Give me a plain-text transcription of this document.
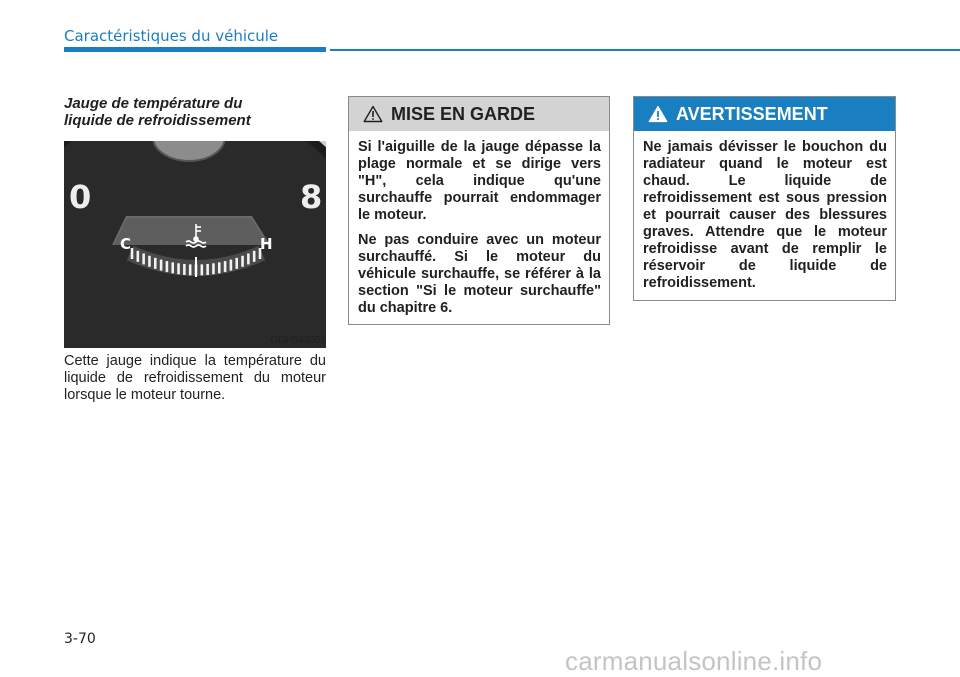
Caractéristiques du véhicule
Jauge de température du
liquide de refroidissement
0	8
C	H
ODH043056
Cette jauge indique la température du liquide de refroidissement du moteur lorsque le moteur tourne.
MISE EN GARDE

Si l'aiguille de la jauge dépasse la plage normale et se dirige vers "H", cela indique qu'une surchauffe pourrait endommager le moteur.

Ne pas conduire avec un moteur surchauffé. Si le moteur du véhicule surchauffe, se référer à la section "Si le moteur surchauffe" du chapitre 6.

AVERTISSEMENT

Ne jamais dévisser le bouchon du radiateur quand le moteur est chaud. Le liquide de refroidissement est sous pression et pourrait causer des blessures graves. Attendre que le moteur refroidisse avant de remplir le réservoir de liquide de refroidissement.

3-70
carmanualsonline.info
